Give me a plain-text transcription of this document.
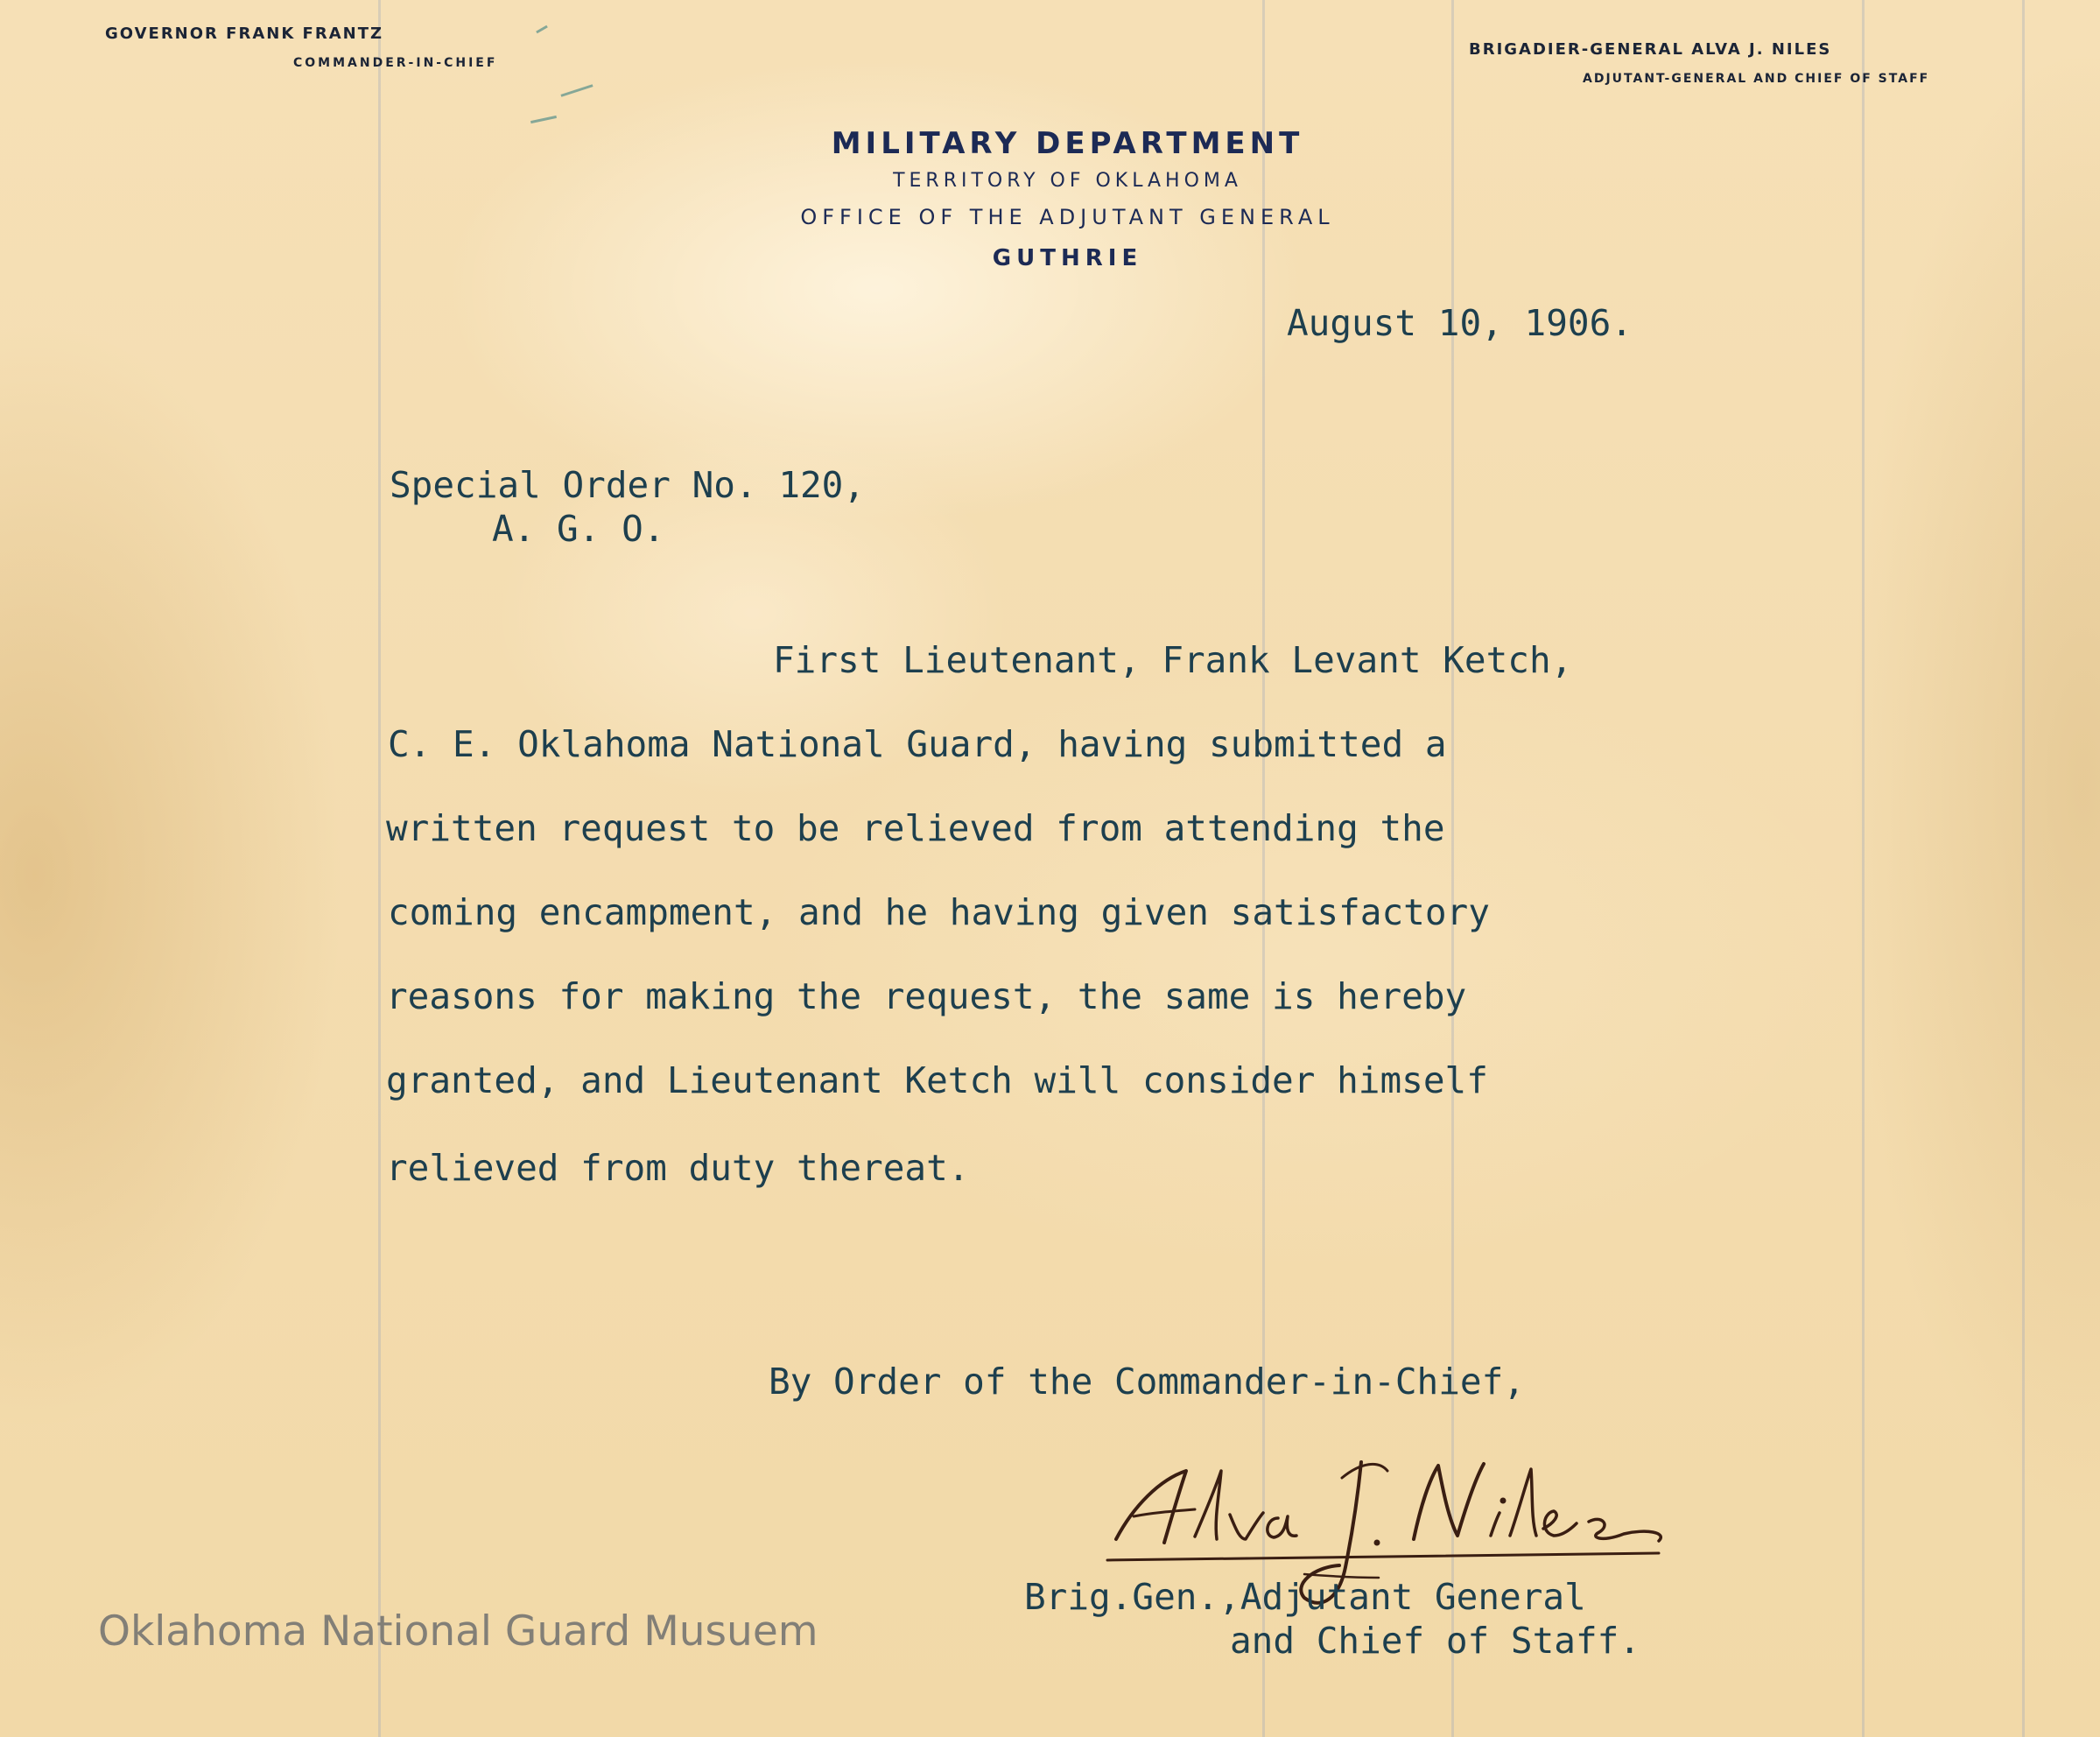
GOVERNOR FRANK FRANTZ

COMMANDER-IN-CHIEF

BRIGADIER-GENERAL ALVA J. NILES

ADJUTANT-GENERAL AND CHIEF OF STAFF

MILITARY DEPARTMENT

TERRITORY OF OKLAHOMA

OFFICE OF THE ADJUTANT GENERAL

GUTHRIE

August 10, 1906.

Special Order No. 120,

A. G. O.

First Lieutenant, Frank Levant Ketch,

C. E. Oklahoma National Guard, having submitted a

written request to be relieved from attending the

coming encampment, and he having given satisfactory

reasons for making the request, the same is hereby

granted, and Lieutenant Ketch will consider himself

relieved from duty thereat.

By Order of the Commander-in-Chief,

Brig.Gen.,Adjutant General

and Chief of Staff.

Oklahoma National Guard Musuem
